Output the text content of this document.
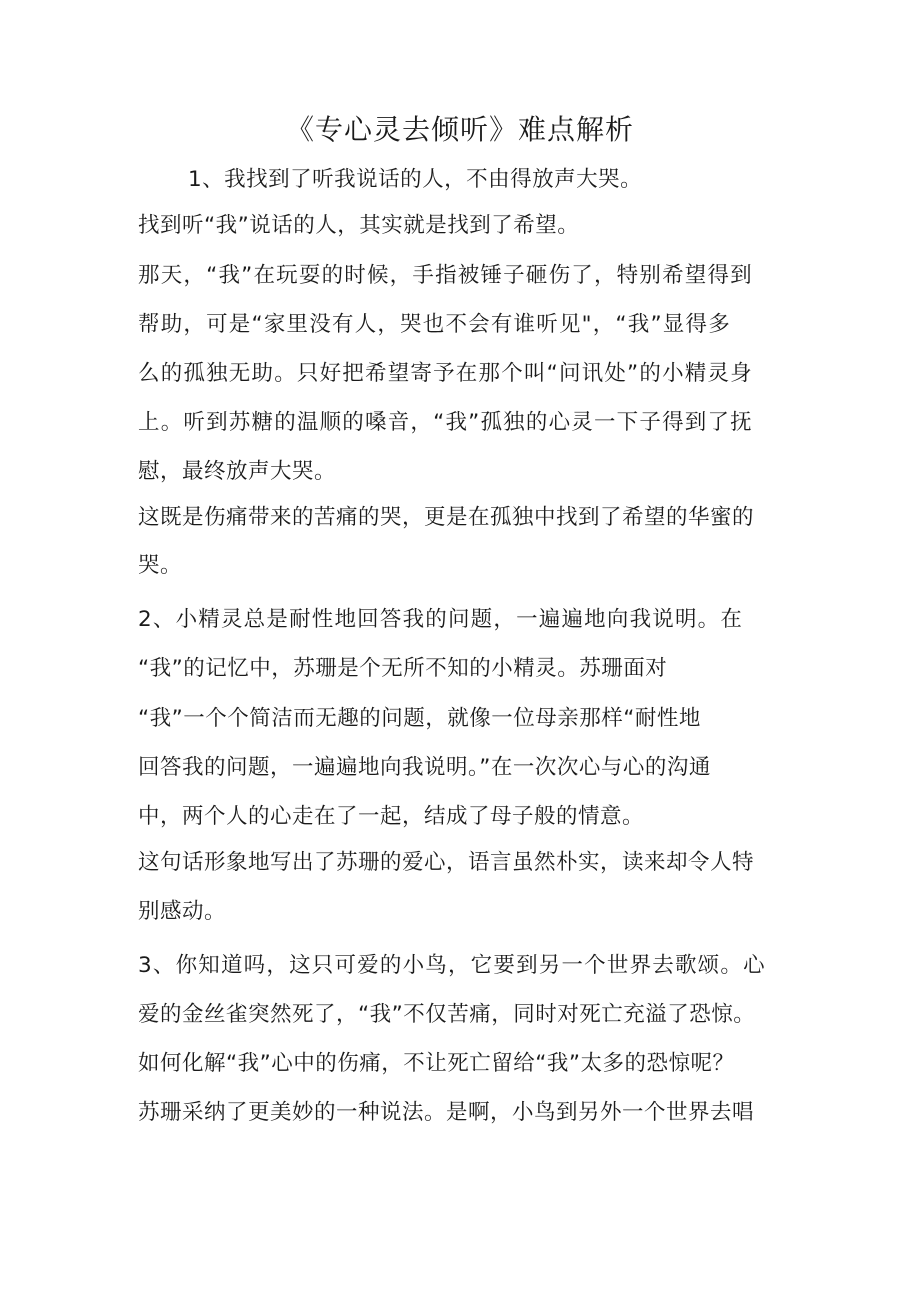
《专心灵去倾听》难点解析
1、我找到了听我说话的人，不由得放声大哭。
找到听“我”说话的人，其实就是找到了希望。
那天，“我”在玩耍的时候，手指被锤子砸伤了，特别希望得到
帮助，可是“家里没有人，哭也不会有谁听见"，“我”显得多
么的孤独无助。只好把希望寄予在那个叫“问讯处”的小精灵身
上。听到苏糖的温顺的嗓音，“我”孤独的心灵一下子得到了抚
慰，最终放声大哭。
这既是伤痛带来的苦痛的哭，更是在孤独中找到了希望的华蜜的
哭。
2、小精灵总是耐性地回答我的问题，一遍遍地向我说明。在
“我”的记忆中，苏珊是个无所不知的小精灵。苏珊面对
“我”一个个简洁而无趣的问题，就像一位母亲那样“耐性地
回答我的问题，一遍遍地向我说明。”在一次次心与心的沟通
中，两个人的心走在了一起，结成了母子般的情意。
这句话形象地写出了苏珊的爱心，语言虽然朴实，读来却令人特
别感动。
3、你知道吗，这只可爱的小鸟，它要到另一个世界去歌颂。心
爱的金丝雀突然死了，“我”不仅苦痛，同时对死亡充溢了恐惊。
如何化解“我”心中的伤痛，不让死亡留给“我”太多的恐惊呢？
苏珊采纳了更美妙的一种说法。是啊，小鸟到另外一个世界去唱
